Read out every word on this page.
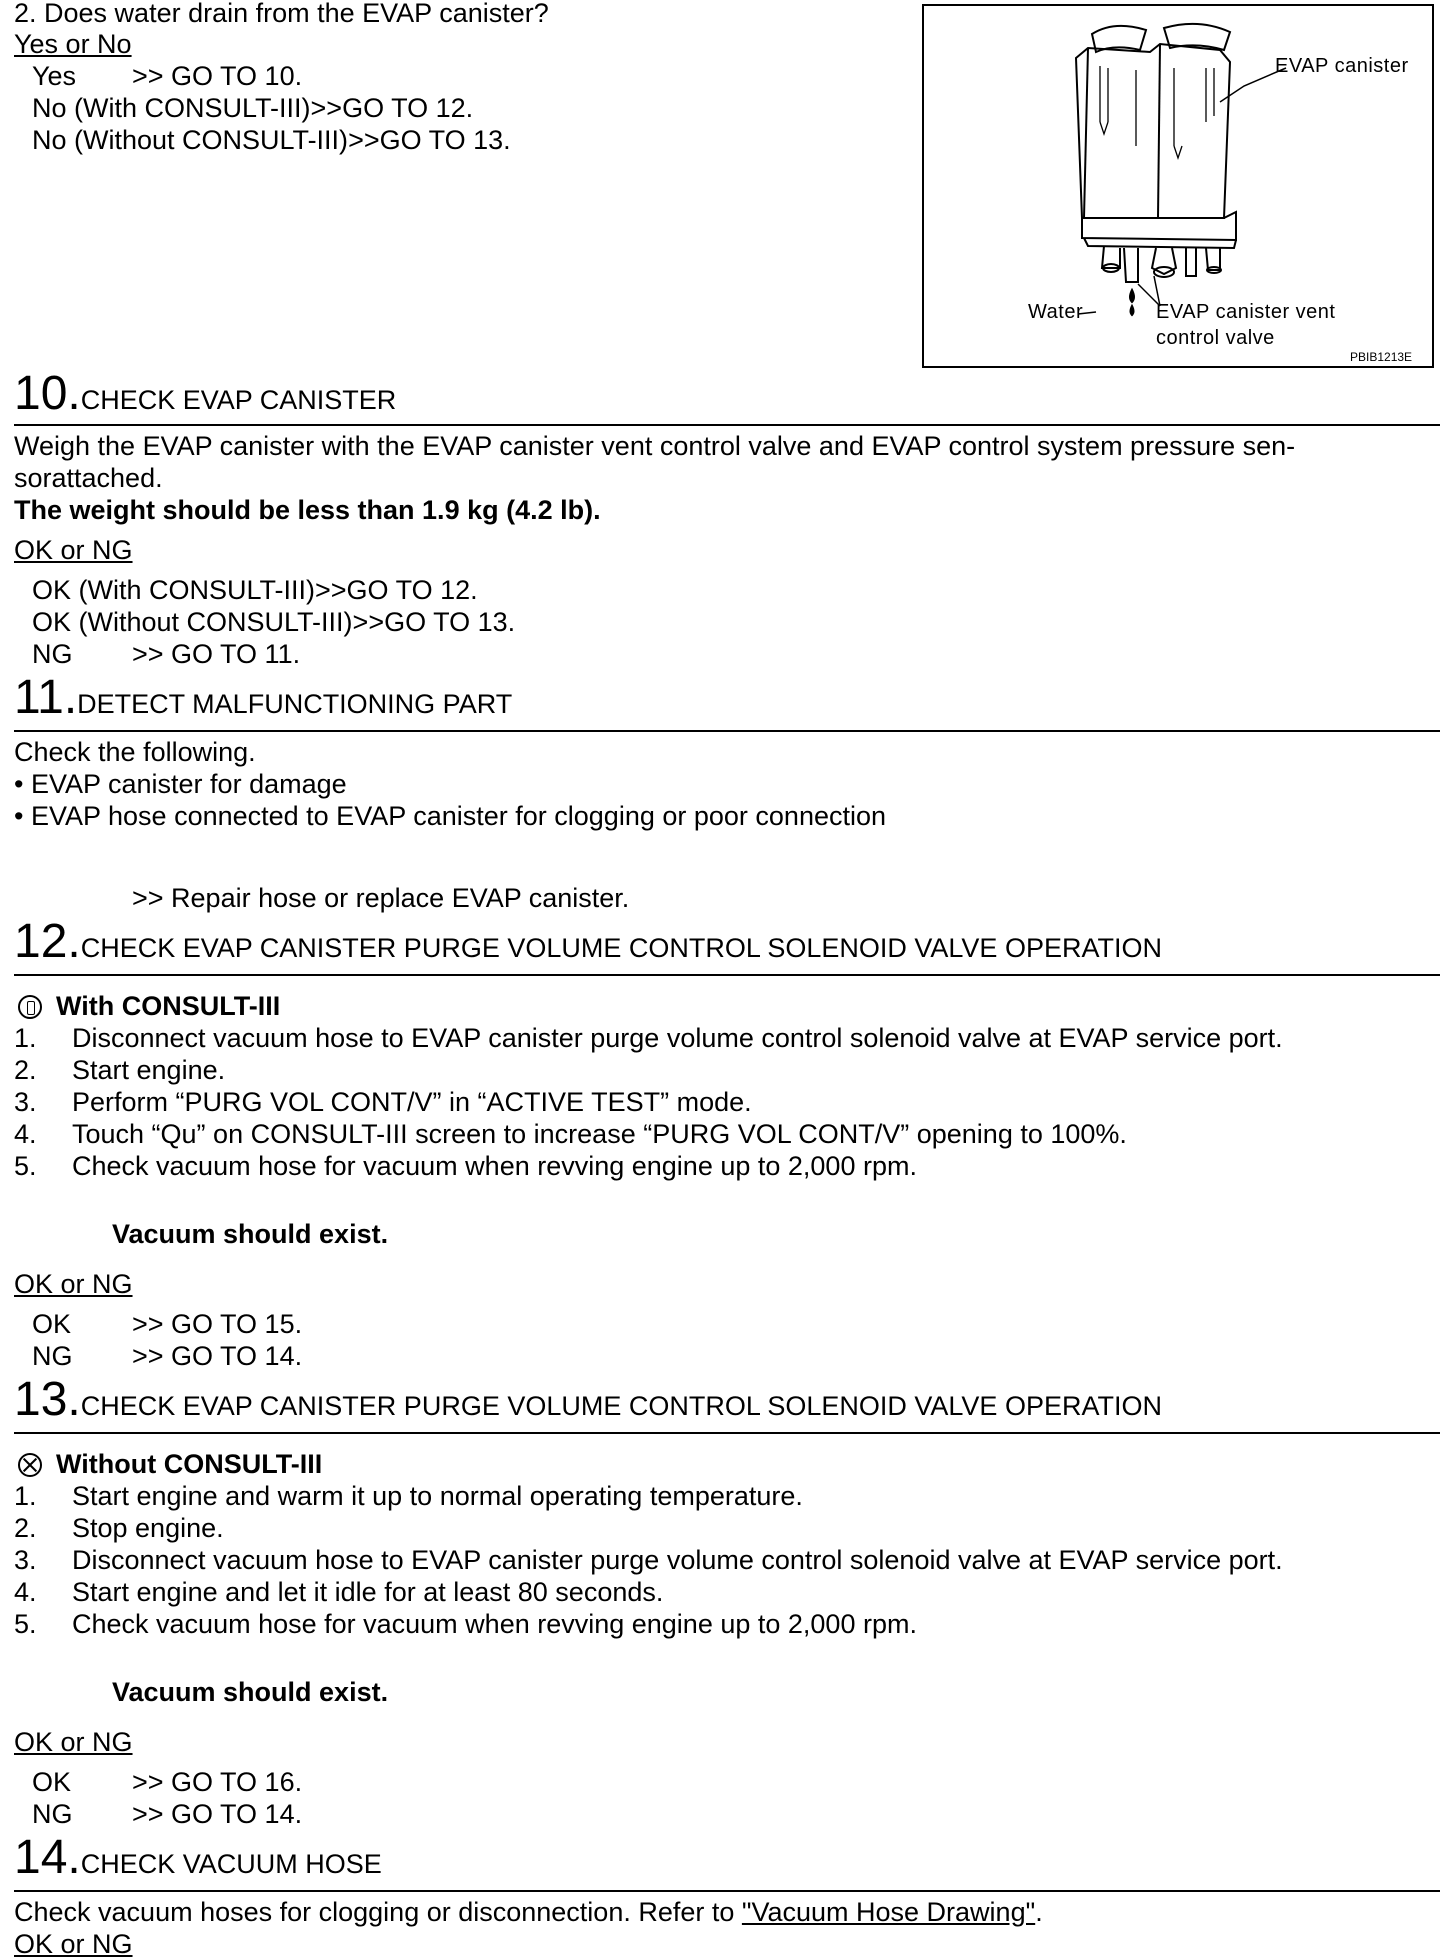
2. Does water drain from the EVAP canister?
Yes or No
Yes >> GO TO 10.
No (With CONSULT-III)>>GO TO 12.
No (Without CONSULT-III)>>GO TO 13.
EVAP canister
Water	EVAP canister vent
control valve
PBIB1213E
10.CHECK EVAP CANISTER
Weigh the EVAP canister with the EVAP canister vent control valve and EVAP control system pressure sen-
sorattached.
The weight should be less than 1.9 kg (4.2 lb).
OK or NG
OK (With CONSULT-III)>>GO TO 12.
OK (Without CONSULT-III)>>GO TO 13.
NG >> GO TO 11.
11.DETECT MALFUNCTIONING PART
Check the following.
• EVAP canister for damage
• EVAP hose connected to EVAP canister for clogging or poor connection
>> Repair hose or replace EVAP canister.
12.CHECK EVAP CANISTER PURGE VOLUME CONTROL SOLENOID VALVE OPERATION
With CONSULT-III
1. Disconnect vacuum hose to EVAP canister purge volume control solenoid valve at EVAP service port.
2. Start engine.
3. Perform “PURG VOL CONT/V” in “ACTIVE TEST” mode.
4. Touch “Qu” on CONSULT-III screen to increase “PURG VOL CONT/V” opening to 100%.
5. Check vacuum hose for vacuum when revving engine up to 2,000 rpm.
Vacuum should exist.
OK or NG
OK >> GO TO 15.
NG >> GO TO 14.
13.CHECK EVAP CANISTER PURGE VOLUME CONTROL SOLENOID VALVE OPERATION
Without CONSULT-III
1. Start engine and warm it up to normal operating temperature.
2. Stop engine.
3. Disconnect vacuum hose to EVAP canister purge volume control solenoid valve at EVAP service port.
4. Start engine and let it idle for at least 80 seconds.
5. Check vacuum hose for vacuum when revving engine up to 2,000 rpm.
Vacuum should exist.
OK or NG
OK >> GO TO 16.
NG >> GO TO 14.
14.CHECK VACUUM HOSE
Check vacuum hoses for clogging or disconnection. Refer to "Vacuum Hose Drawing".
OK or NG
